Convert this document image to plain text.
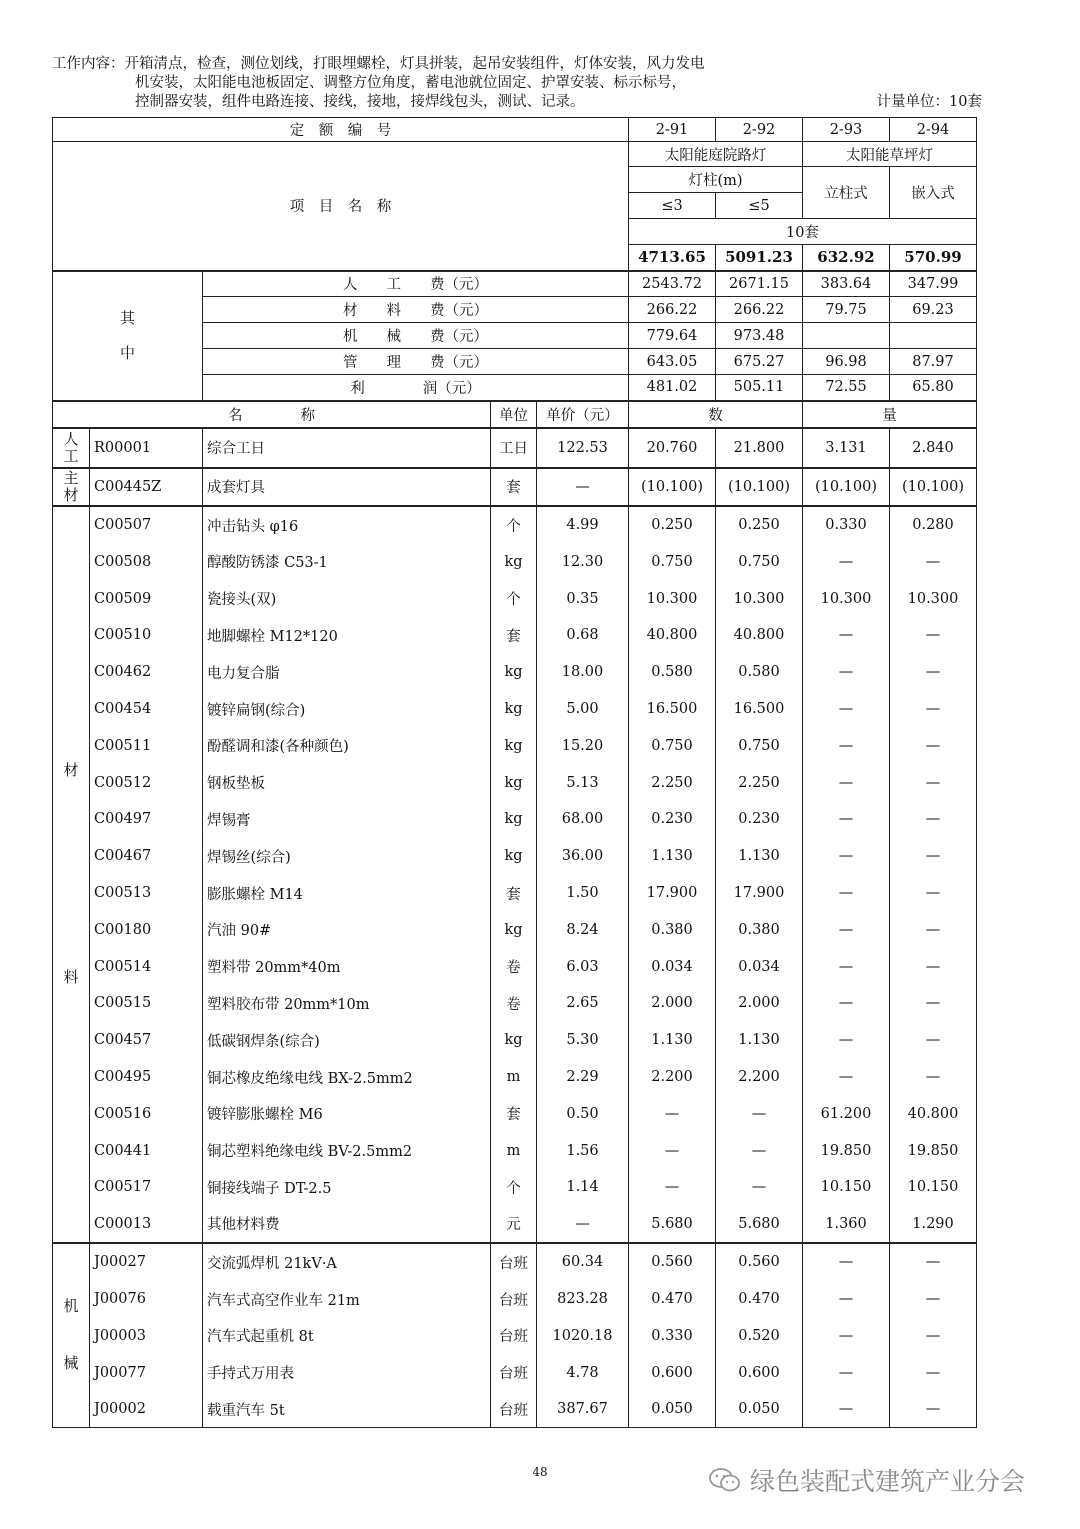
工作内容：开箱清点，检查，测位划线，打眼埋螺栓，灯具拼装，起吊安装组件，灯体安装，风力发电
机安装，太阳能电池板固定、调整方位角度，蓄电池就位固定、护罩安装、标示标号，
控制器安装，组件电路连接、接线，接地，接焊线包头，测试、记录。	计量单位：10套
定　额　编　号					2-91	2-92	2-93	2-94
项　目　名　称					太阳能庭院路灯		太阳能草坪灯	
					灯柱(m)		立柱式	嵌入式
					≤3	≤5		
					10套			
					4713.65	5091.23	632.92	570.99

其
中		人　　工　　费（元）			2543.72	2671.15	383.64	347.99
		材　　料　　费（元）			266.22	266.22	79.75	69.23
		机　　械　　费（元）			779.64	973.48		
		管　　理　　费（元）			643.05	675.27	96.98	87.97
		利　　　　润（元）			481.02	505.11	72.55	65.80
名　　　　称			单位	单价（元）	数		量	

人
工	R00001	综合工日	工日	122.53	20.760	21.800	3.131	2.840

主
材	C00445Z	成套灯具	套	—	(10.100)	(10.100)	(10.100)	(10.100)

材
料	C00507	冲击钻头 φ16	个	4.99	0.250	0.250	0.330	0.280
	C00508	醇酸防锈漆 C53-1	kg	12.30	0.750	0.750	—	—
	C00509	瓷接头(双)	个	0.35	10.300	10.300	10.300	10.300
	C00510	地脚螺栓 M12*120	套	0.68	40.800	40.800	—	—
	C00462	电力复合脂	kg	18.00	0.580	0.580	—	—
	C00454	镀锌扁钢(综合)	kg	5.00	16.500	16.500	—	—
	C00511	酚醛调和漆(各种颜色)	kg	15.20	0.750	0.750	—	—
	C00512	钢板垫板	kg	5.13	2.250	2.250	—	—
	C00497	焊锡膏	kg	68.00	0.230	0.230	—	—
	C00467	焊锡丝(综合)	kg	36.00	1.130	1.130	—	—
	C00513	膨胀螺栓 M14	套	1.50	17.900	17.900	—	—
	C00180	汽油 90#	kg	8.24	0.380	0.380	—	—
	C00514	塑料带 20mm*40m	卷	6.03	0.034	0.034	—	—
	C00515	塑料胶布带 20mm*10m	卷	2.65	2.000	2.000	—	—
	C00457	低碳钢焊条(综合)	kg	5.30	1.130	1.130	—	—
	C00495	铜芯橡皮绝缘电线 BX-2.5mm2	m	2.29	2.200	2.200	—	—
	C00516	镀锌膨胀螺栓 M6	套	0.50	—	—	61.200	40.800
	C00441	铜芯塑料绝缘电线 BV-2.5mm2	m	1.56	—	—	19.850	19.850
	C00517	铜接线端子 DT-2.5	个	1.14	—	—	10.150	10.150
	C00013	其他材料费	元	—	5.680	5.680	1.360	1.290

机
械	J00027	交流弧焊机 21kV·A	台班	60.34	0.560	0.560	—	—
	J00076	汽车式高空作业车 21m	台班	823.28	0.470	0.470	—	—
	J00003	汽车式起重机 8t	台班	1020.18	0.330	0.520	—	—
	J00077	手持式万用表	台班	4.78	0.600	0.600	—	—
	J00002	载重汽车 5t	台班	387.67	0.050	0.050	—	—
48	绿色装配式建筑产业分会
